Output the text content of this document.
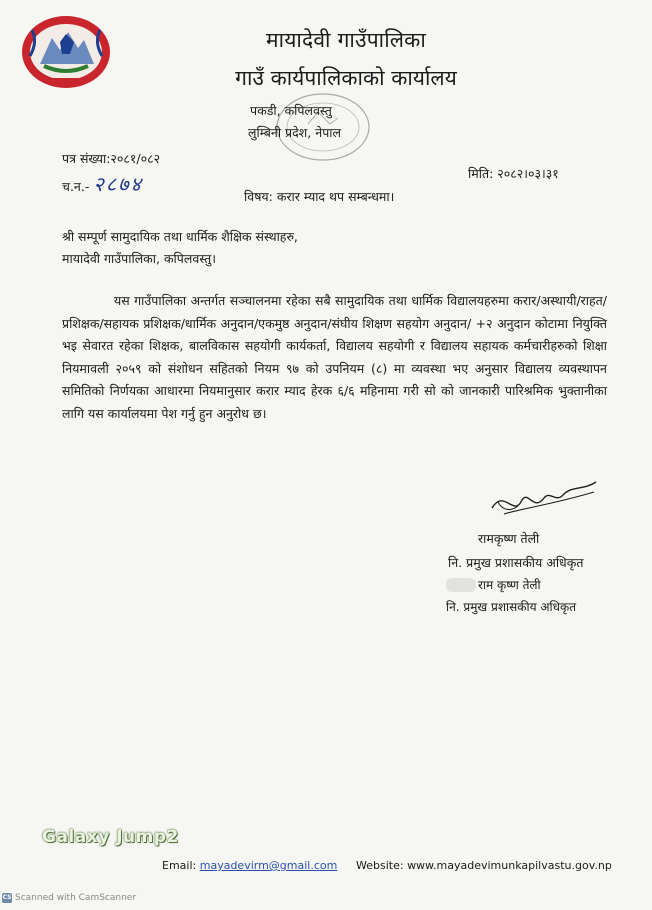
मायादेवी गाउँपालिका
गाउँ कार्यपालिकाको कार्यालय
पकडी, कपिलवस्तु
लुम्बिनी प्रदेश, नेपाल
पत्र संख्या:२०८१/०८२
च.न.- २८७४	मिति: २०८२।०३।३१
विषय: करार म्याद थप सम्बन्धमा।
श्री सम्पूर्ण सामुदायिक तथा धार्मिक शैक्षिक संस्थाहरु,
मायादेवी गाउँपालिका, कपिलवस्तु।
यस गाउँपालिका अन्तर्गत सञ्चालनमा रहेका सबै सामुदायिक तथा धार्मिक विद्यालयहरुमा करार/अस्थायी/राहत/प्रशिक्षक/सहायक प्रशिक्षक/धार्मिक अनुदान/एकमुष्ठ अनुदान/संघीय शिक्षण सहयोग अनुदान/ +२ अनुदान कोटामा नियुक्ति भइ सेवारत रहेका शिक्षक, बालविकास सहयोगी कार्यकर्ता, विद्यालय सहयोगी र विद्यालय सहायक कर्मचारीहरुको शिक्षा नियमावली २०५९ को संशोधन सहितको नियम ९७ को उपनियम (८) मा व्यवस्था भए अनुसार विद्यालय व्यवस्थापन समितिको निर्णयका आधारमा नियमानुसार करार म्याद हेरक ६/६ महिनामा गरी सो को जानकारी पारिश्रमिक भुक्तानीका लागि यस कार्यालयमा पेश गर्नु हुन अनुरोध छ।
रामकृष्ण तेली
नि. प्रमुख प्रशासकीय अधिकृत
राम कृष्ण तेली
नि. प्रमुख प्रशासकीय अधिकृत
Galaxy Jump2
Email: mayadevirm@gmail.com Website: www.mayadevimunkapilvastu.gov.np
CS Scanned with CamScanner
